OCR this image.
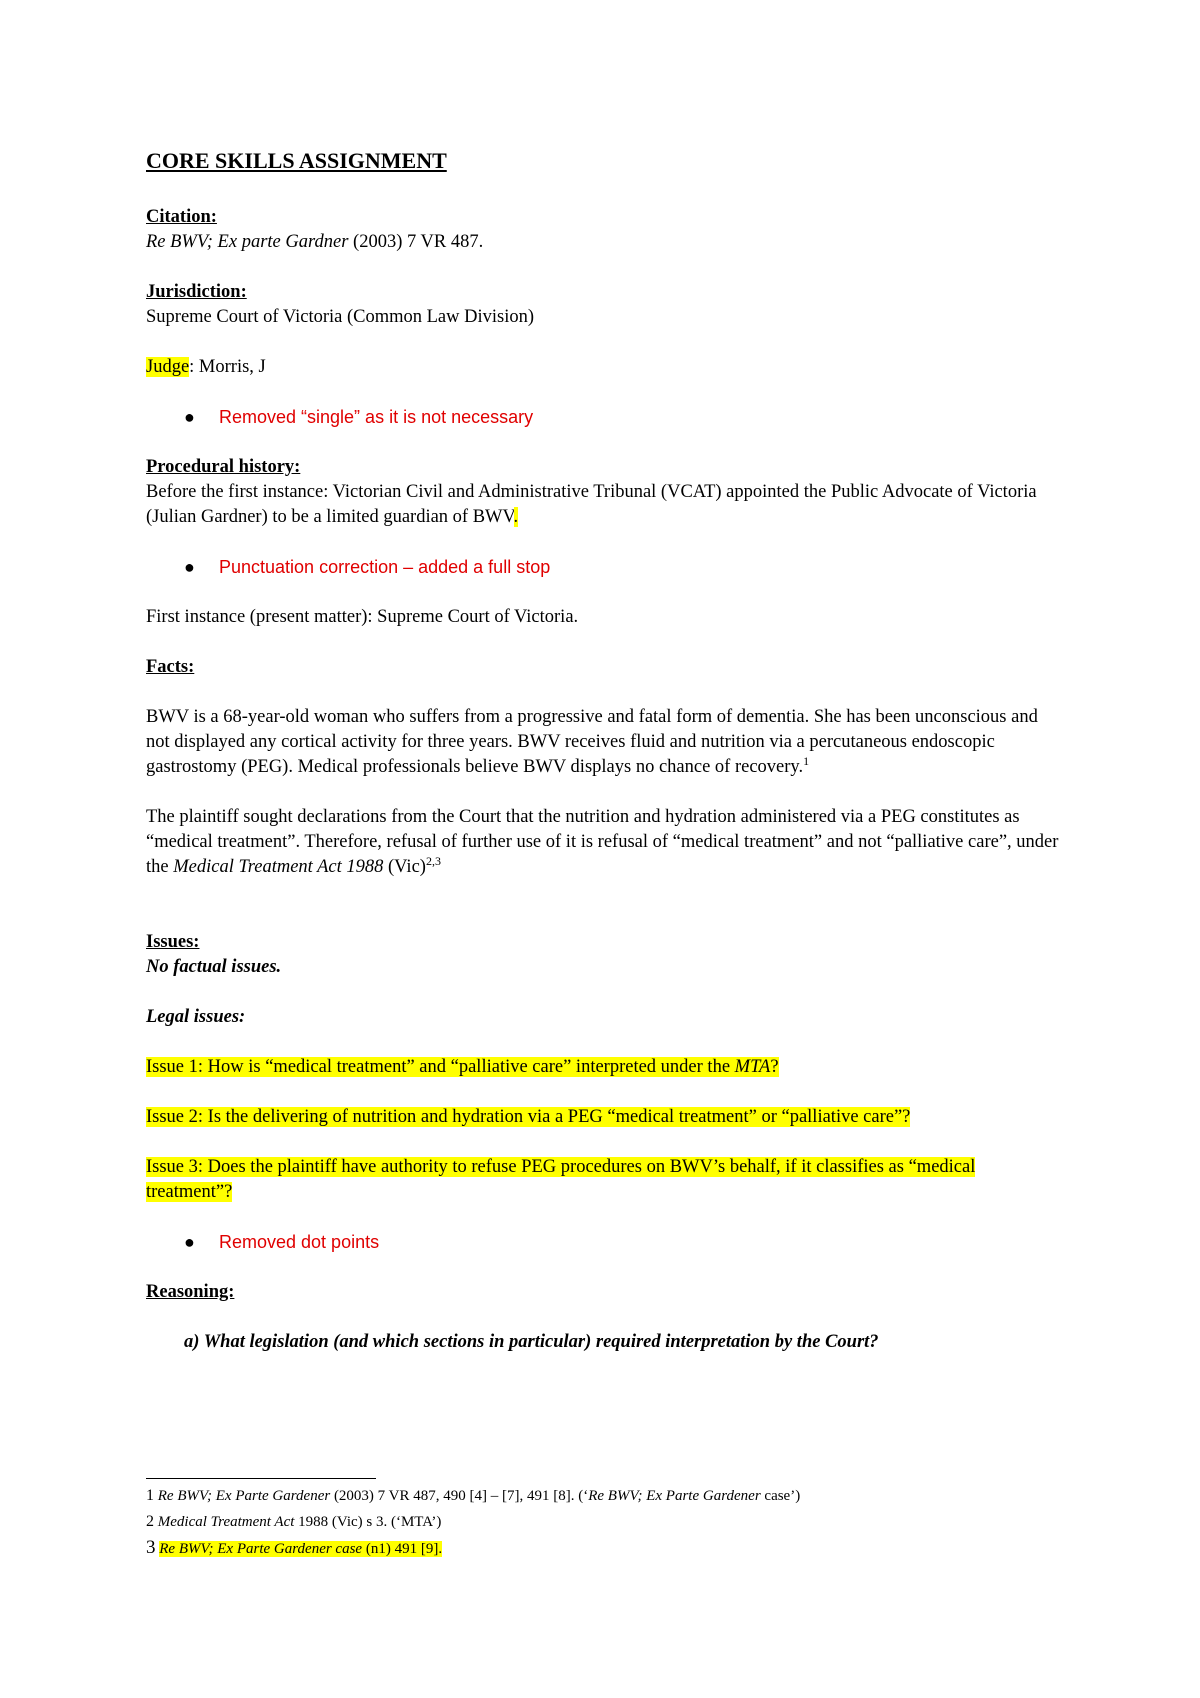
CORE SKILLS ASSIGNMENT

Citation:

Re BWV; Ex parte Gardner (2003) 7 VR 487.

Jurisdiction:

Supreme Court of Victoria (Common Law Division)

Judge: Morris, J

● Removed “single” as it is not necessary

Procedural history:

Before the first instance: Victorian Civil and Administrative Tribunal (VCAT) appointed the Public Advocate of Victoria (Julian Gardner) to be a limited guardian of BWV.

● Punctuation correction – added a full stop

First instance (present matter): Supreme Court of Victoria.

Facts:

BWV is a 68-year-old woman who suffers from a progressive and fatal form of dementia. She has been unconscious and not displayed any cortical activity for three years. BWV receives fluid and nutrition via a percutaneous endoscopic gastrostomy (PEG). Medical professionals believe BWV displays no chance of recovery.$^1$

The plaintiff sought declarations from the Court that the nutrition and hydration administered via a PEG constitutes as “medical treatment”. Therefore, refusal of further use of it is refusal of “medical treatment” and not “palliative care”, under the Medical Treatment Act 1988 (Vic)$^{2,3}$

Issues:

No factual issues.

Legal issues:

Issue 1: How is “medical treatment” and “palliative care” interpreted under the MTA?

Issue 2: Is the delivering of nutrition and hydration via a PEG “medical treatment” or “palliative care”?

Issue 3: Does the plaintiff have authority to refuse PEG procedures on BWV’s behalf, if it classifies as “medical treatment”?

● Removed dot points

Reasoning:

a) What legislation (and which sections in particular) required interpretation by the Court?

1 Re BWV; Ex Parte Gardener (2003) 7 VR 487, 490 [4] – [7], 491 [8]. (‘Re BWV; Ex Parte Gardener case’)

2 Medical Treatment Act 1988 (Vic) s 3. (‘MTA’)

3 Re BWV; Ex Parte Gardener case (n1) 491 [9].
